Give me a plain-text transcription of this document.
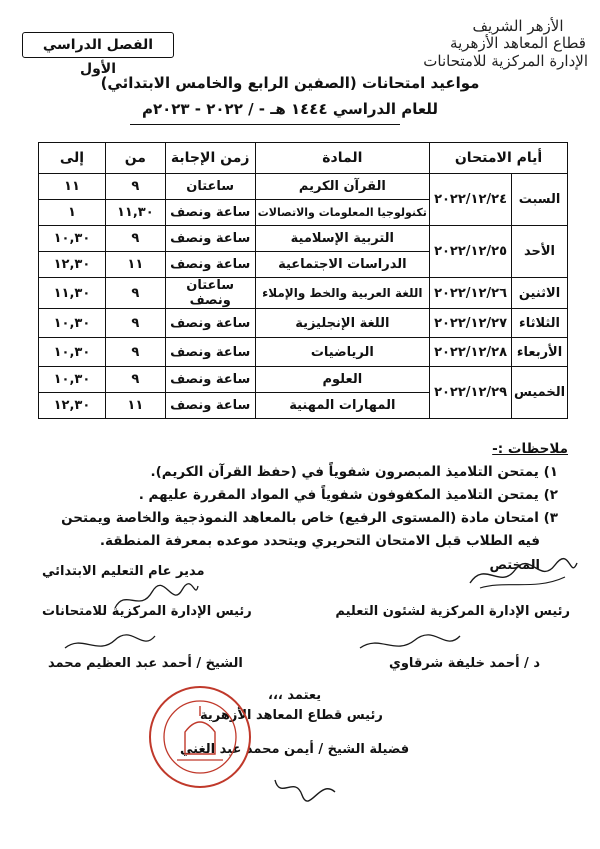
الأزهر الشريف
قطاع المعاهد الأزهرية
الإدارة المركزية للامتحانات
الفصل الدراسي الأول
مواعيد امتحانات (الصفين الرابع والخامس الابتدائي)
للعام الدراسي ١٤٤٤ هـ - / ٢٠٢٢ - ٢٠٢٣م
أيام الامتحان		المادة	زمن الإجابة	من	إلى
السبت	٢٠٢٢/١٢/٢٤	القرآن الكريم	ساعتان	٩	١١
		تكنولوجيا المعلومات والاتصالات	ساعة ونصف	١١,٣٠	١
الأحد	٢٠٢٢/١٢/٢٥	التربية الإسلامية	ساعة ونصف	٩	١٠,٣٠
		الدراسات الاجتماعية	ساعة ونصف	١١	١٢,٣٠
الاثنين	٢٠٢٢/١٢/٢٦	اللغة العربية والخط والإملاء	ساعتان ونصف	٩	١١,٣٠
الثلاثاء	٢٠٢٢/١٢/٢٧	اللغة الإنجليزية	ساعة ونصف	٩	١٠,٣٠
الأربعاء	٢٠٢٢/١٢/٢٨	الرياضيات	ساعة ونصف	٩	١٠,٣٠
الخميس	٢٠٢٢/١٢/٢٩	العلوم	ساعة ونصف	٩	١٠,٣٠
		المهارات المهنية	ساعة ونصف	١١	١٢,٣٠
ملاحظات :-
١) يمتحن التلاميذ المبصرون شفوياً في (حفظ القرآن الكريم).
٢) يمتحن التلاميذ المكفوفون شفوياً في المواد المقررة عليهم .
٣) امتحان مادة (المستوى الرفيع) خاص بالمعاهد النموذجية والخاصة ويمتحن
فيه الطلاب قبل الامتحان التحريري ويتحدد موعده بمعرفة المنطقة.
المختص
مدير عام التعليم الابتدائي
رئيس الإدارة المركزية لشئون التعليم
رئيس الإدارة المركزية للامتحانات
د / أحمد خليفة شرقاوي
الشيخ / أحمد عبد العظيم محمد
يعتمد ،،،
رئيس قطاع المعاهد الأزهرية
فضيلة الشيخ / أيمن محمد عبد الغني
